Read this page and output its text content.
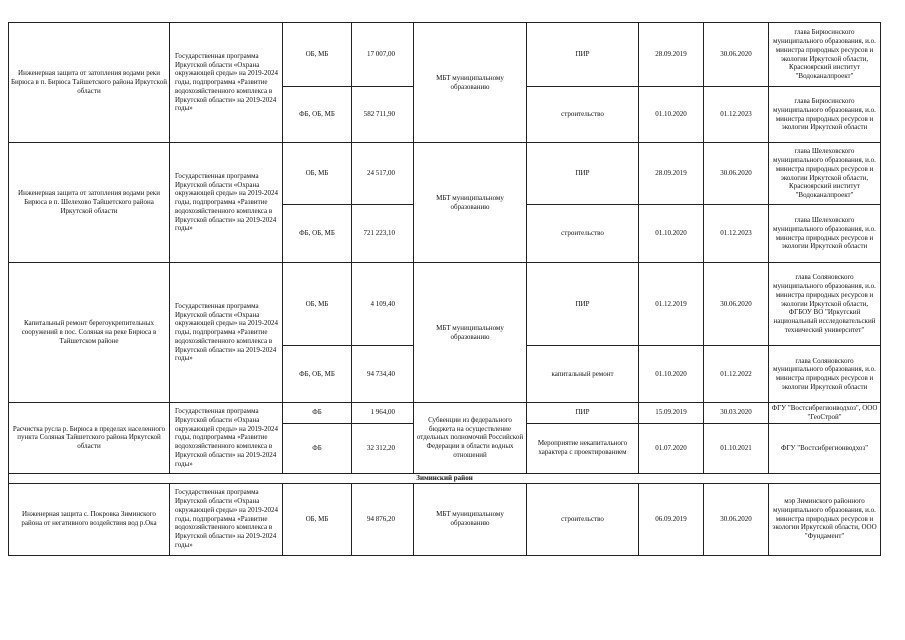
Инженерная защита от затопления водами реки Бирюса в п. Бирюса Тайшетского района Иркутской области	Государственная программа Иркутской области «Охрана окружающей среды» на 2019-2024 годы, подпрограмма «Развитие водохозяйственного комплекса в Иркутской области» на 2019-2024 годы»	ОБ, МБ	17 007,00	МБТ муниципальному образованию	ПИР	28.09.2019	30.06.2020	глава Бирюсинского муниципального образования, и.о. министра природных ресурсов и экологии Иркутской области, Красноярский институт "Водоканалпроект"
		ФБ, ОБ, МБ	582 711,90		строительство	01.10.2020	01.12.2023	глава Бирюсинского муниципального образования, и.о. министра природных ресурсов и экологии Иркутской области
Инженерная защита от затопления водами реки Бирюса в п. Шелехово Тайшетского района Иркутской области	Государственная программа Иркутской области «Охрана окружающей среды» на 2019-2024 годы, подпрограмма «Развитие водохозяйственного комплекса в Иркутской области» на 2019-2024 годы»	ОБ, МБ	24 517,00	МБТ муниципальному образованию	ПИР	28.09.2019	30.06.2020	глава Шелеховского муниципального образования, и.о. министра природных ресурсов и экологии Иркутской области, Красноярский институт "Водоканалпроект"
		ФБ, ОБ, МБ	721 223,10		строительство	01.10.2020	01.12.2023	глава Шелеховского муниципального образования, и.о. министра природных ресурсов и экологии Иркутской области
Капитальный ремонт берегоукрепительных сооружений в пос. Соляная на реке Бирюса в Тайшетском районе	Государственная программа Иркутской области «Охрана окружающей среды» на 2019-2024 годы, подпрограмма «Развитие водохозяйственного комплекса в Иркутской области» на 2019-2024 годы»	ОБ, МБ	4 109,40	МБТ муниципальному образованию	ПИР	01.12.2019	30.06.2020	глава Соляновского муниципального образования, и.о. министра природных ресурсов и экологии Иркутской области, ФГБОУ ВО "Иркутский национальный исследовательский технический университет"
		ФБ, ОБ, МБ	94 734,40		капитальный ремонт	01.10.2020	01.12.2022	глава Соляновского муниципального образования, и.о. министра природных ресурсов и экологии Иркутской области
Расчистка русла р. Бирюса в пределах населенного пункта Соляная Тайшетского района Иркутской области	Государственная программа Иркутской области «Охрана окружающей среды» на 2019-2024 годы, подпрограмма «Развитие водохозяйственного комплекса в Иркутской области» на 2019-2024 годы»	ФБ	1 964,00	Субвенции из федерального бюджета на осуществление отдельных полномочий Российской Федерации в области водных отношений	ПИР	15.09.2019	30.03.2020	ФГУ "Востсибрегионводхоз", ООО "ГеоСтрой"
		ФБ	32 312,20		Мероприятие некапитального характера с проектированием	01.07.2020	01.10.2021	ФГУ "Востсибрегионводхоз"
Зиминский район								
Инженерная защита с. Покровка Зиминского района от негативного воздействия вод р.Ока	Государственная программа Иркутской области «Охрана окружающей среды» на 2019-2024 годы, подпрограмма «Развитие водохозяйственного комплекса в Иркутской области» на 2019-2024 годы»	ОБ, МБ	94 876,20	МБТ муниципальному образованию	строительство	06.09.2019	30.06.2020	мэр Зиминского районного муниципального образования, и.о. министра природных ресурсов и экологии Иркутской области, ООО "Фундамент"
